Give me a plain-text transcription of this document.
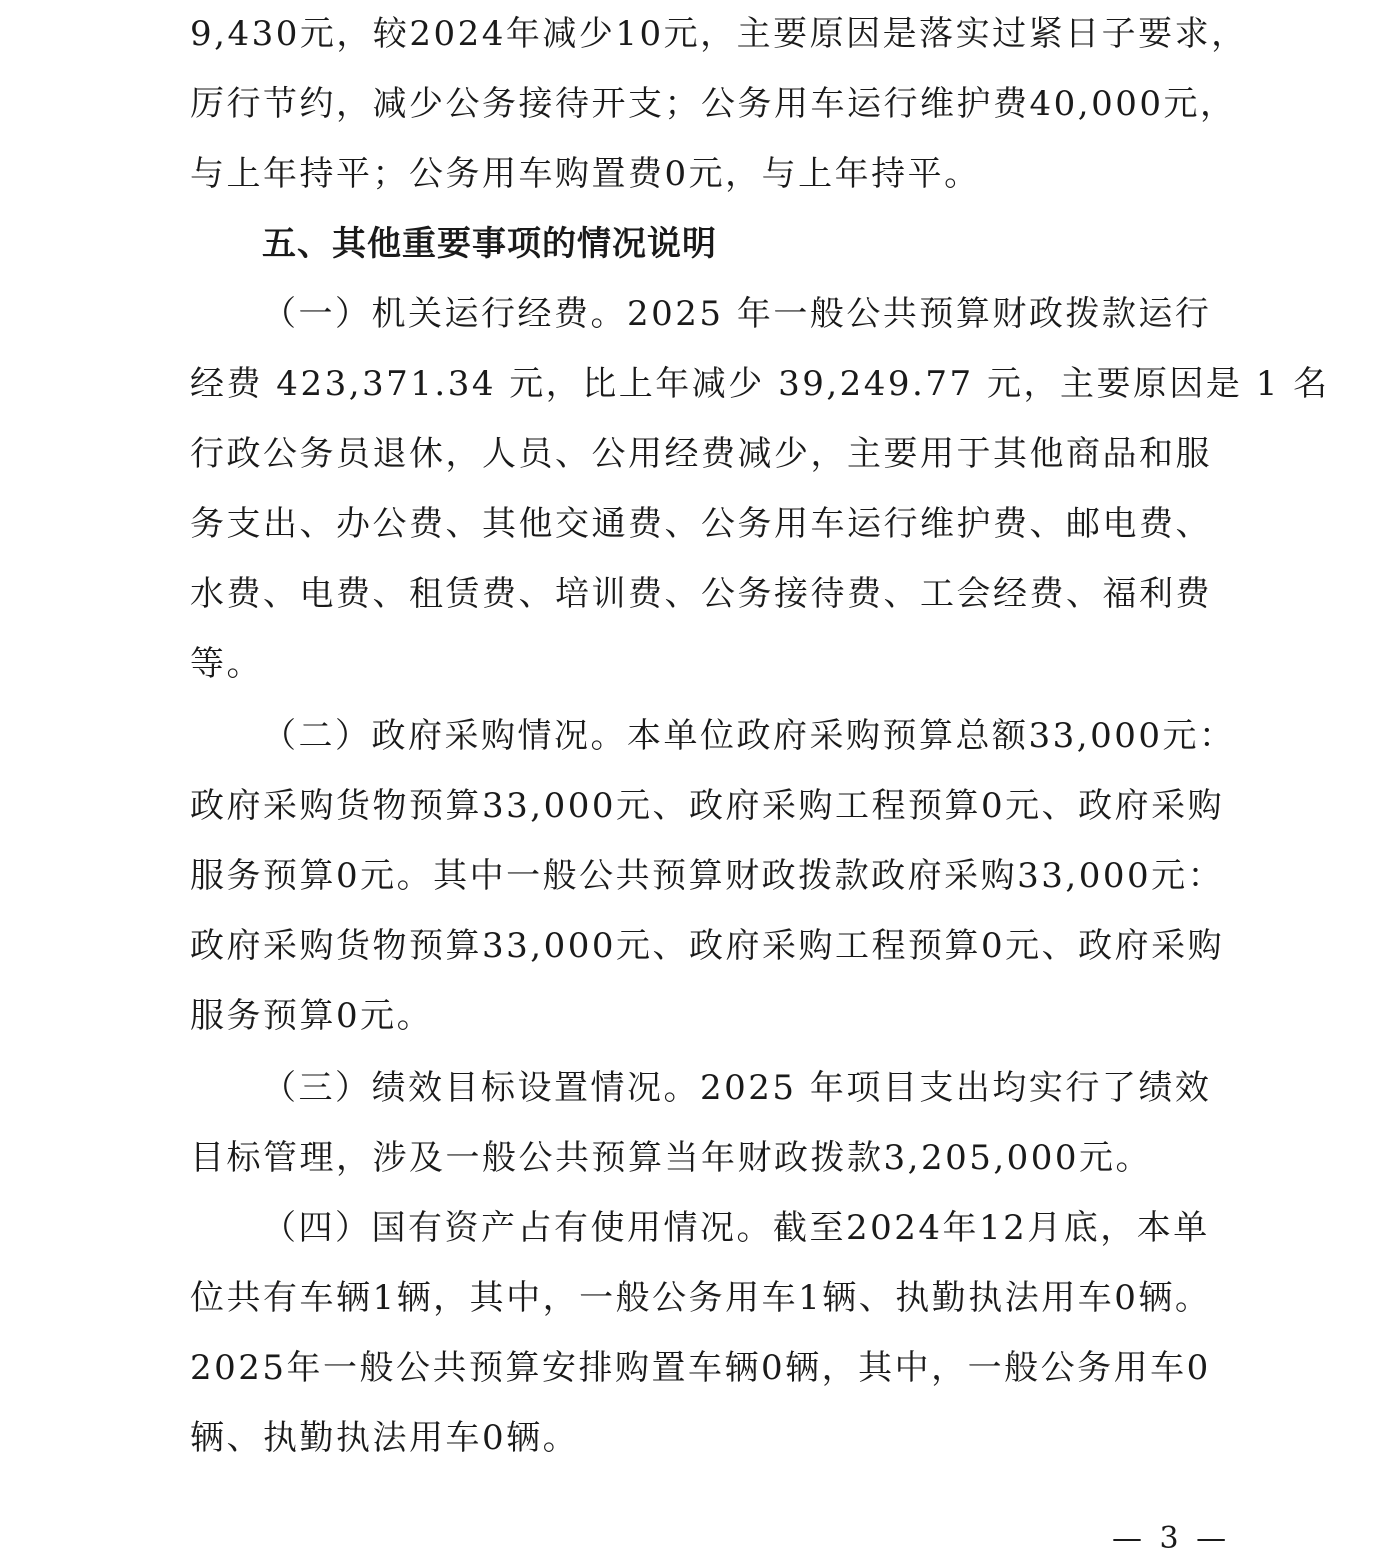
9,430元，较2024年减少10元，主要原因是落实过紧日子要求，
厉行节约，减少公务接待开支；公务用车运行维护费40,000元，
与上年持平；公务用车购置费0元，与上年持平。
五、其他重要事项的情况说明
（一）机关运行经费。2025 年一般公共预算财政拨款运行
经费 423,371.34 元，比上年减少 39,249.77 元，主要原因是 1 名
行政公务员退休，人员、公用经费减少，主要用于其他商品和服
务支出、办公费、其他交通费、公务用车运行维护费、邮电费、
水费、电费、租赁费、培训费、公务接待费、工会经费、福利费
等。
（二）政府采购情况。本单位政府采购预算总额33,000元：
政府采购货物预算33,000元、政府采购工程预算0元、政府采购
服务预算0元。其中一般公共预算财政拨款政府采购33,000元：
政府采购货物预算33,000元、政府采购工程预算0元、政府采购
服务预算0元。
（三）绩效目标设置情况。2025 年项目支出均实行了绩效
目标管理，涉及一般公共预算当年财政拨款3,205,000元。
（四）国有资产占有使用情况。截至2024年12月底，本单
位共有车辆1辆，其中，一般公务用车1辆、执勤执法用车0辆。
2025年一般公共预算安排购置车辆0辆，其中，一般公务用车0
辆、执勤执法用车0辆。
— 3 —
